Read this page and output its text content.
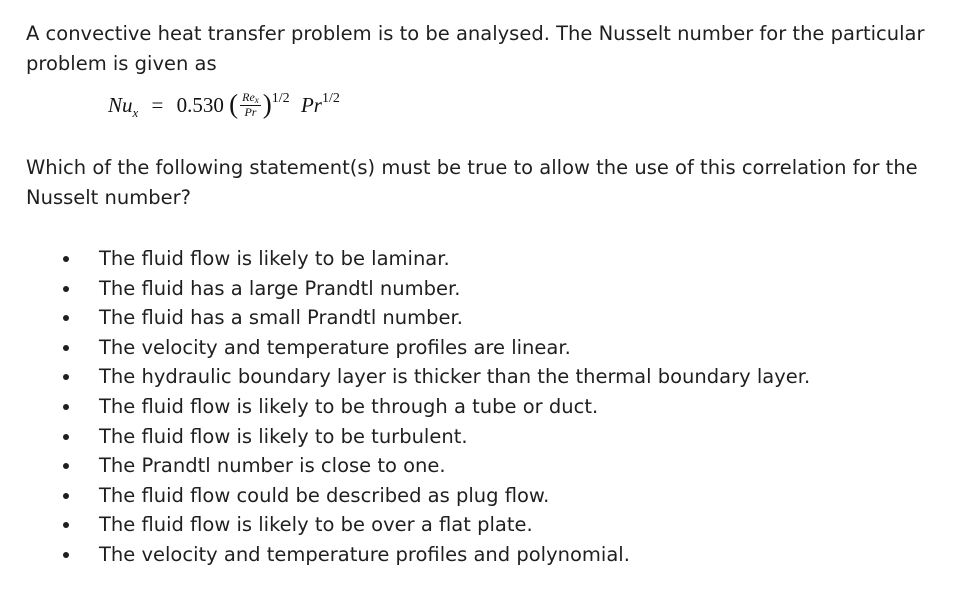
A convective heat transfer problem is to be analysed. The Nusselt number for the particular problem is given as

$Nu_x = 0.530$ ( $\frac{\text{Rex}}{Pr} )^{1/2}$ $Pr^{1/2}$

Which of the following statement(s) must be true to allow the use of this correlation for the Nusselt number?

The fluid flow is likely to be laminar.
The fluid has a large Prandtl number.
The fluid has a small Prandtl number.
The velocity and temperature profiles are linear.
The hydraulic boundary layer is thicker than the thermal boundary layer.
The fluid flow is likely to be through a tube or duct.
The fluid flow is likely to be turbulent.
The Prandtl number is close to one.
The fluid flow could be described as plug flow.
The fluid flow is likely to be over a flat plate.
The velocity and temperature profiles and polynomial.
